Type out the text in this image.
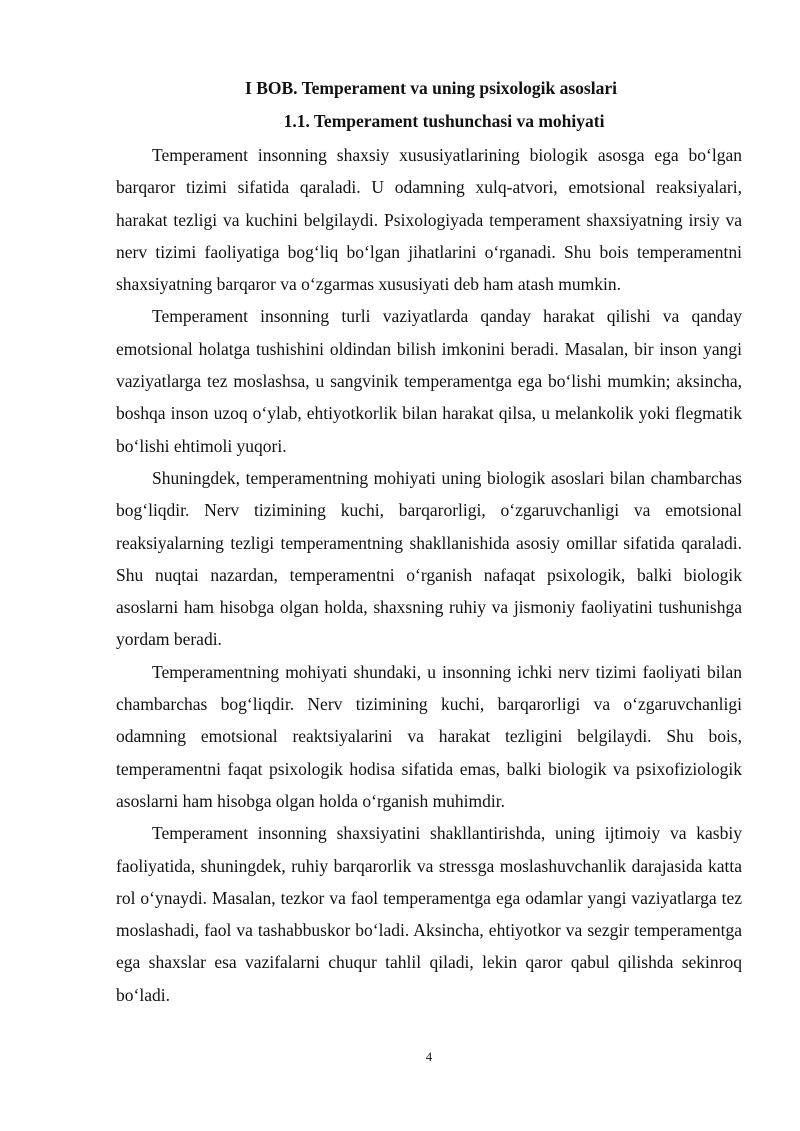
I BOB. Temperament va uning psixologik asoslari
1.1. Temperament tushunchasi va mohiyati

Temperament insonning shaxsiy xususiyatlarining biologik asosga ega bo‘lgan barqaror tizimi sifatida qaraladi. U odamning xulq-atvori, emotsional reaksiyalari, harakat tezligi va kuchini belgilaydi. Psixologiyada temperament shaxsiyatning irsiy va nerv tizimi faoliyatiga bog‘liq bo‘lgan jihatlarini o‘rganadi. Shu bois temperamentni shaxsiyatning barqaror va o‘zgarmas xususiyati deb ham atash mumkin.

Temperament insonning turli vaziyatlarda qanday harakat qilishi va qanday emotsional holatga tushishini oldindan bilish imkonini beradi. Masalan, bir inson yangi vaziyatlarga tez moslashsa, u sangvinik temperamentga ega bo‘lishi mumkin; aksincha, boshqa inson uzoq o‘ylab, ehtiyotkorlik bilan harakat qilsa, u melankolik yoki flegmatik bo‘lishi ehtimoli yuqori.

Shuningdek, temperamentning mohiyati uning biologik asoslari bilan chambarchas bog‘liqdir. Nerv tizimining kuchi, barqarorligi, o‘zgaruvchanligi va emotsional reaksiyalarning tezligi temperamentning shakllanishida asosiy omillar sifatida qaraladi. Shu nuqtai nazardan, temperamentni o‘rganish nafaqat psixologik, balki biologik asoslarni ham hisobga olgan holda, shaxsning ruhiy va jismoniy faoliyatini tushunishga yordam beradi.

Temperamentning mohiyati shundaki, u insonning ichki nerv tizimi faoliyati bilan chambarchas bog‘liqdir. Nerv tizimining kuchi, barqarorligi va o‘zgaruvchanligi odamning emotsional reaktsiyalarini va harakat tezligini belgilaydi. Shu bois, temperamentni faqat psixologik hodisa sifatida emas, balki biologik va psixofiziologik asoslarni ham hisobga olgan holda o‘rganish muhimdir.

Temperament insonning shaxsiyatini shakllantirishda, uning ijtimoiy va kasbiy faoliyatida, shuningdek, ruhiy barqarorlik va stressga moslashuvchanlik darajasida katta rol o‘ynaydi. Masalan, tezkor va faol temperamentga ega odamlar yangi vaziyatlarga tez moslashadi, faol va tashabbuskor bo‘ladi. Aksincha, ehtiyotkor va sezgir temperamentga ega shaxslar esa vazifalarni chuqur tahlil qiladi, lekin qaror qabul qilishda sekinroq bo‘ladi.

4
